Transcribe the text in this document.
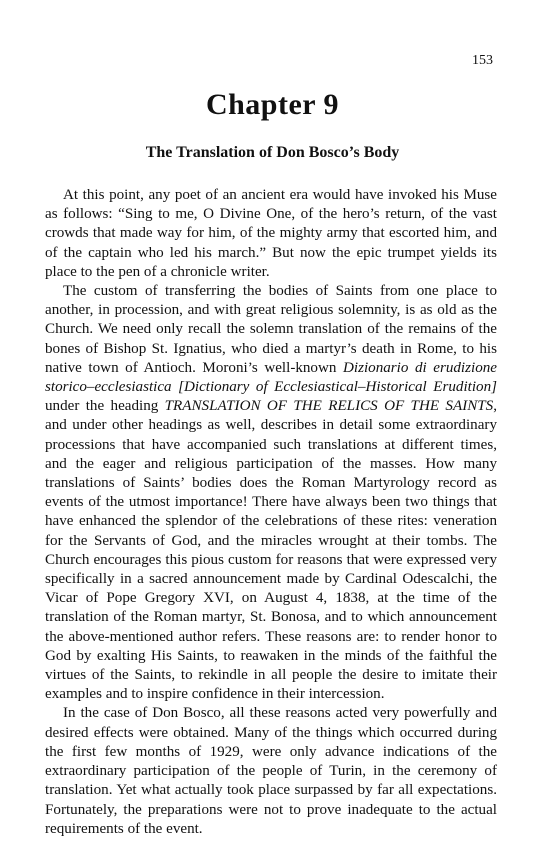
153
Chapter 9
The Translation of Don Bosco’s Body

At this point, any poet of an ancient era would have invoked his Muse as follows: “Sing to me, O Divine One, of the hero’s return, of the vast crowds that made way for him, of the mighty army that escorted him, and of the captain who led his march.” But now the epic trumpet yields its place to the pen of a chronicle writer.

The custom of transferring the bodies of Saints from one place to another, in procession, and with great religious solemnity, is as old as the Church. We need only recall the solemn translation of the remains of the bones of Bishop St. Ignatius, who died a martyr’s death in Rome, to his native town of Antioch. Moroni’s well-known Dizionario di erudizione storico–ecclesiastica [Dictionary of Ecclesiastical–Historical Erudition] under the heading TRANSLATION OF THE RELICS OF THE SAINTS, and under other headings as well, describes in detail some extraordinary processions that have accompanied such translations at different times, and the eager and religious participation of the masses. How many translations of Saints’ bodies does the Roman Martyrology record as events of the utmost importance! There have always been two things that have enhanced the splendor of the celebrations of these rites: veneration for the Servants of God, and the miracles wrought at their tombs. The Church encourages this pious custom for reasons that were expressed very specifically in a sacred announcement made by Cardinal Odescalchi, the Vicar of Pope Gregory XVI, on August 4, 1838, at the time of the translation of the Roman martyr, St. Bonosa, and to which announcement the above-mentioned author refers. These reasons are: to render honor to God by exalting His Saints, to reawaken in the minds of the faithful the virtues of the Saints, to rekindle in all people the desire to imitate their examples and to inspire confidence in their intercession.

In the case of Don Bosco, all these reasons acted very powerfully and desired effects were obtained. Many of the things which occurred during the first few months of 1929, were only advance indications of the extraordinary participation of the people of Turin, in the ceremony of translation. Yet what actually took place surpassed by far all expectations. Fortunately, the preparations were not to prove inadequate to the actual requirements of the event.
